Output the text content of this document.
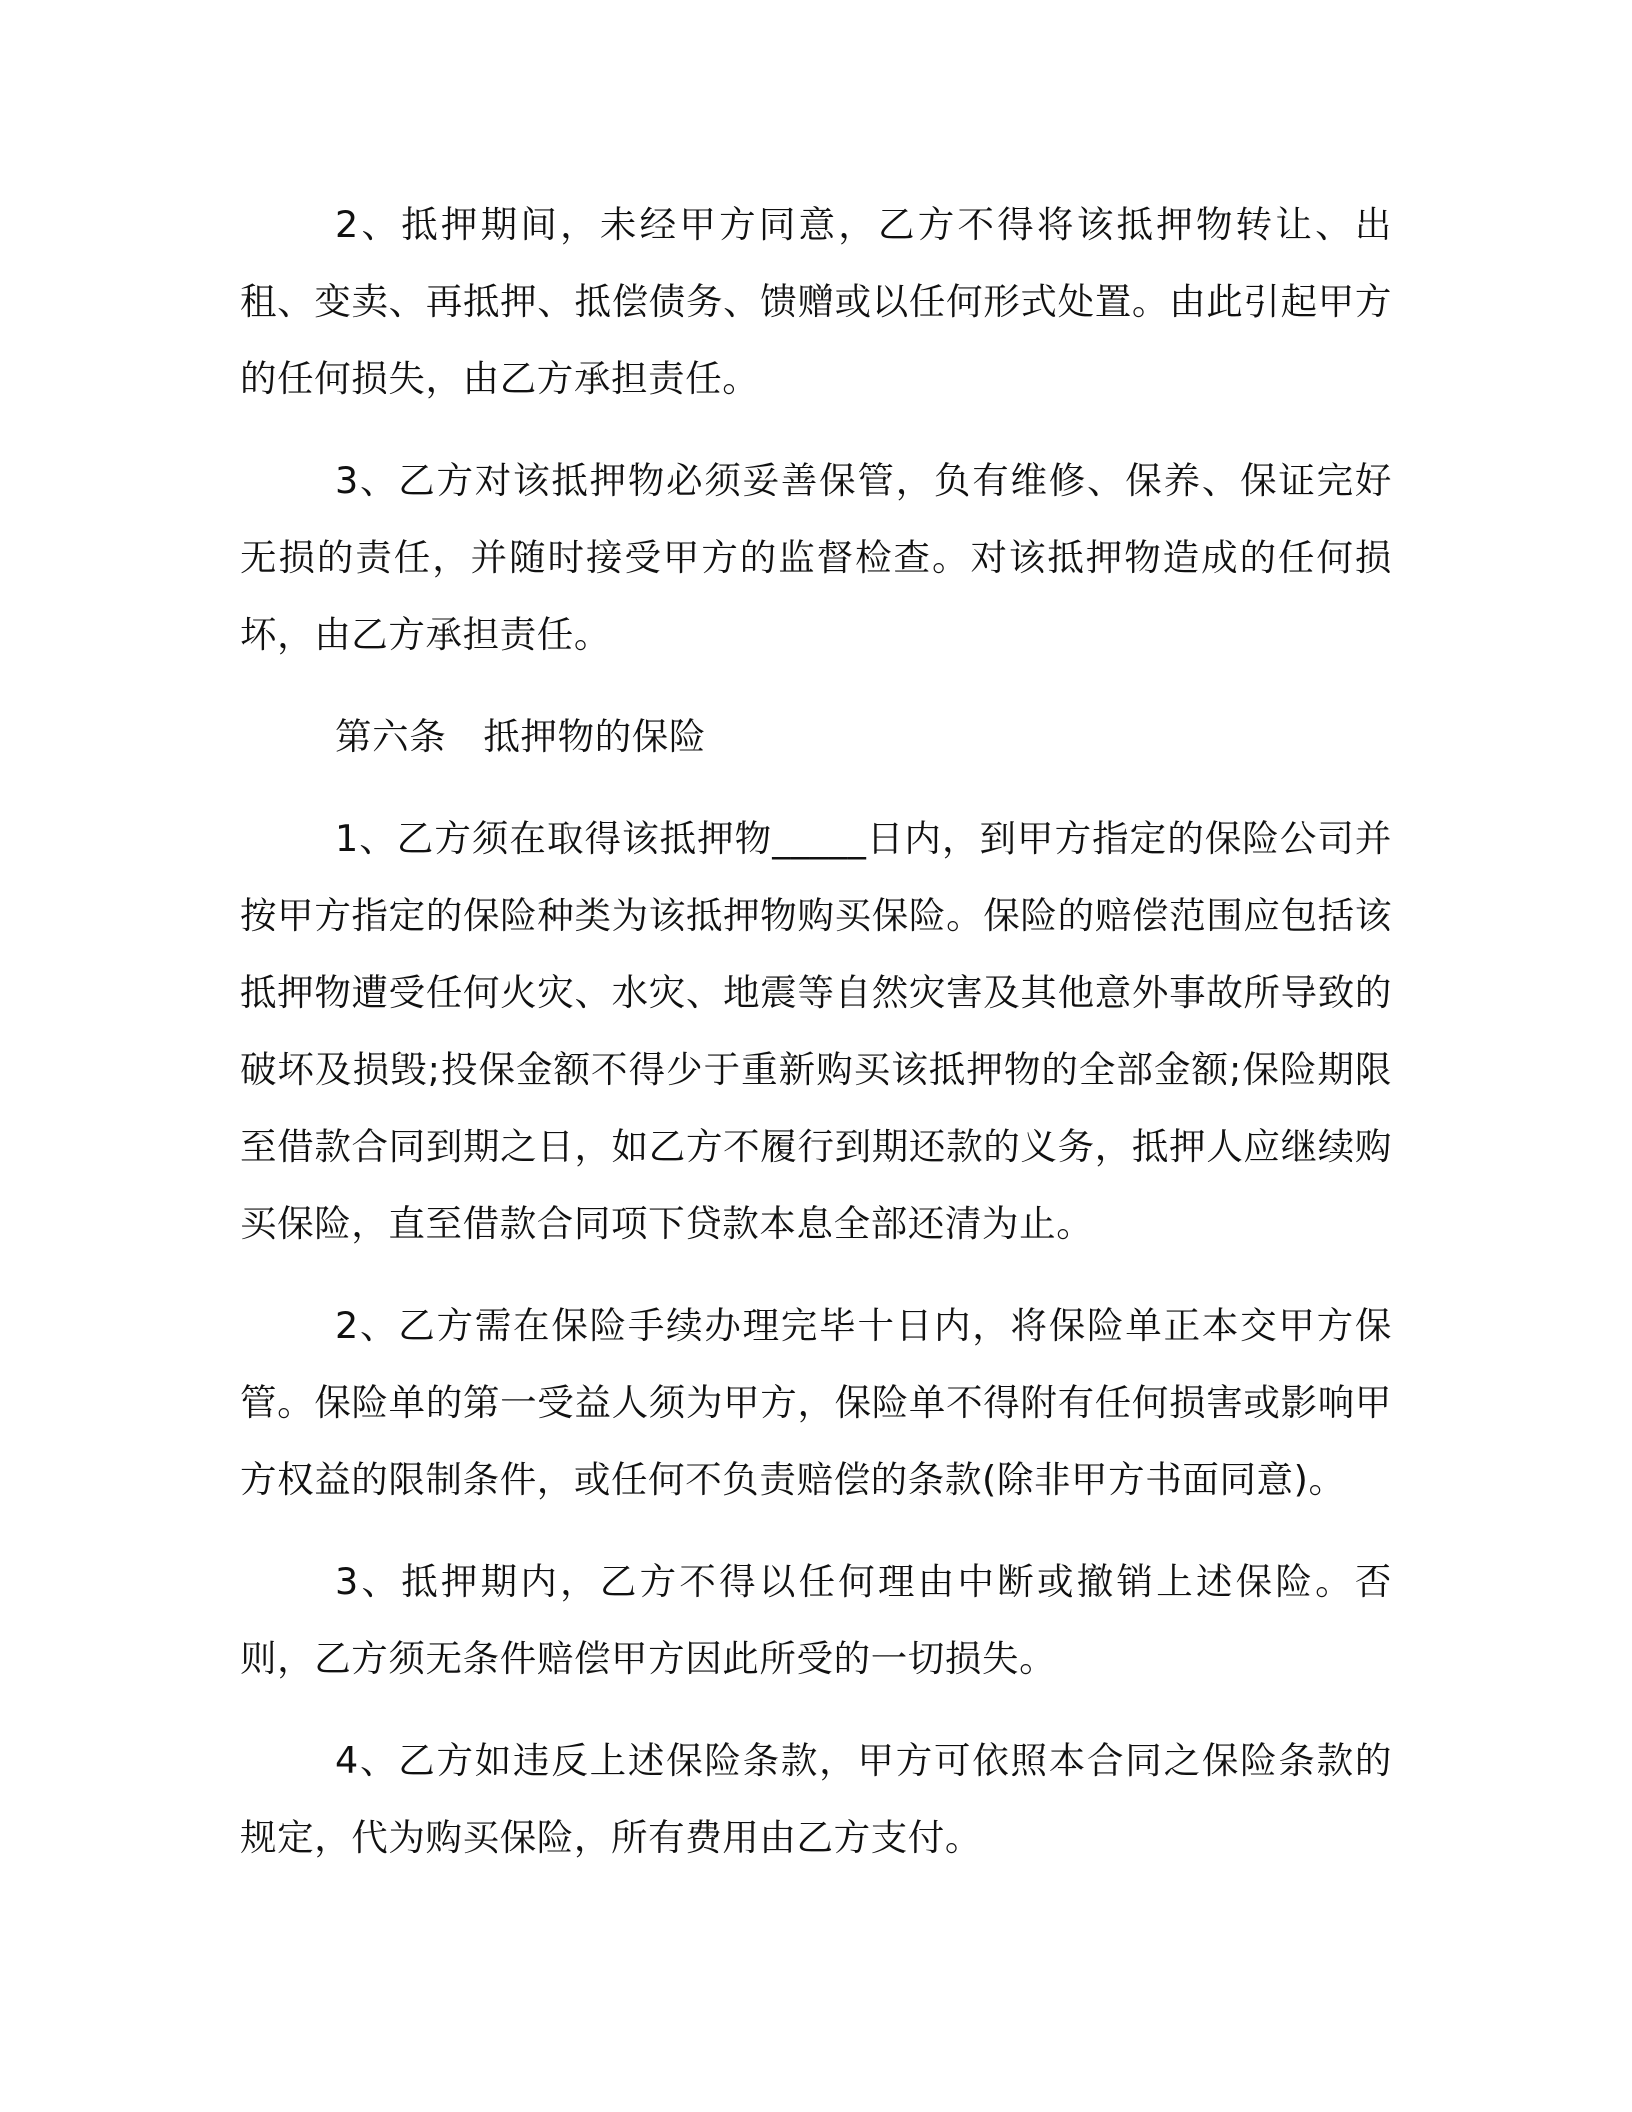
2、抵押期间，未经甲方同意，乙方不得将该抵押物转让、出租、变卖、再抵押、抵偿债务、馈赠或以任何形式处置。由此引起甲方的任何损失，由乙方承担责任。

3、乙方对该抵押物必须妥善保管，负有维修、保养、保证完好无损的责任，并随时接受甲方的监督检查。对该抵押物造成的任何损坏，由乙方承担责任。

第六条　抵押物的保险

1、乙方须在取得该抵押物_____日内，到甲方指定的保险公司并按甲方指定的保险种类为该抵押物购买保险。保险的赔偿范围应包括该抵押物遭受任何火灾、水灾、地震等自然灾害及其他意外事故所导致的破坏及损毁;投保金额不得少于重新购买该抵押物的全部金额;保险期限至借款合同到期之日，如乙方不履行到期还款的义务，抵押人应继续购买保险，直至借款合同项下贷款本息全部还清为止。

2、乙方需在保险手续办理完毕十日内，将保险单正本交甲方保管。保险单的第一受益人须为甲方，保险单不得附有任何损害或影响甲方权益的限制条件，或任何不负责赔偿的条款(除非甲方书面同意)。

3、抵押期内，乙方不得以任何理由中断或撤销上述保险。否则，乙方须无条件赔偿甲方因此所受的一切损失。

4、乙方如违反上述保险条款，甲方可依照本合同之保险条款的规定，代为购买保险，所有费用由乙方支付。
